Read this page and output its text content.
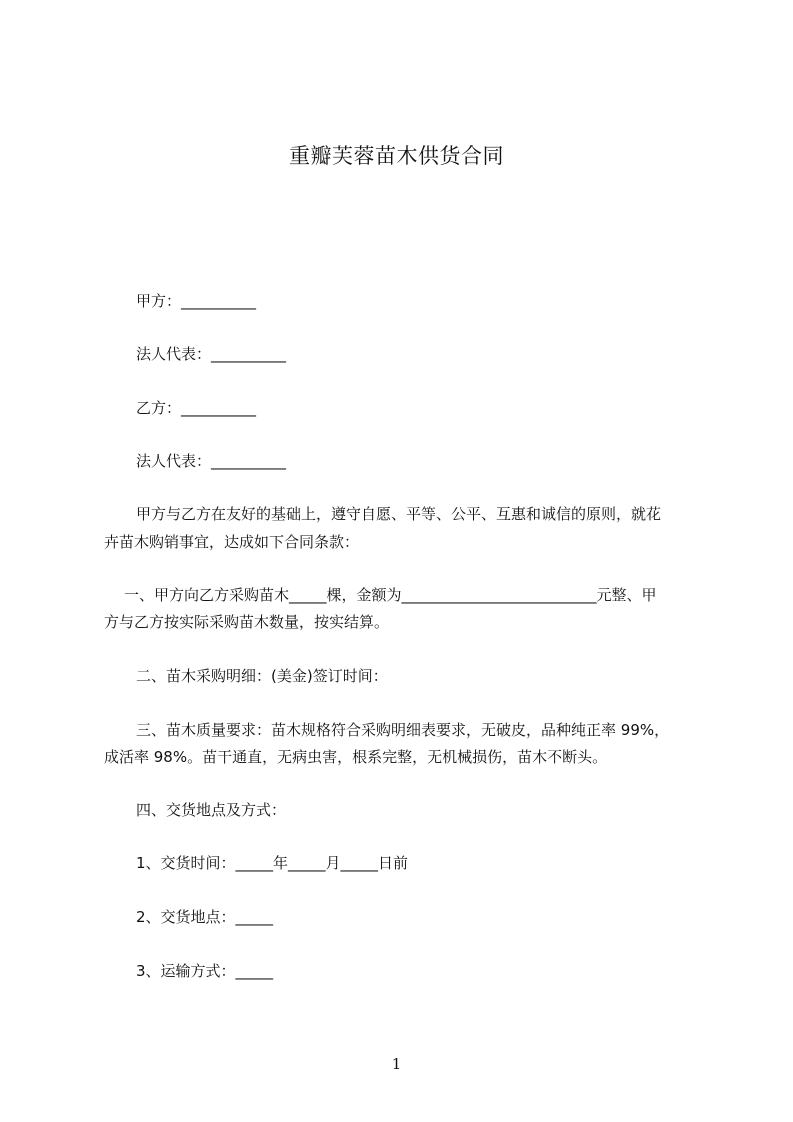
重瓣芙蓉苗木供货合同
甲方：__________
法人代表：__________
乙方：__________
法人代表：__________
甲方与乙方在友好的基础上，遵守自愿、平等、公平、互惠和诚信的原则，就花
卉苗木购销事宜，达成如下合同条款：
一、甲方向乙方采购苗木_____棵，金额为__________________________元整、甲
方与乙方按实际采购苗木数量，按实结算。
二、苗木采购明细：(美金)签订时间：
三、苗木质量要求：苗木规格符合采购明细表要求，无破皮，品种纯正率 99%，
成活率 98%。苗干通直，无病虫害，根系完整，无机械损伤，苗木不断头。
四、交货地点及方式：
1、交货时间：_____年_____月_____日前
2、交货地点：_____
3、运输方式：_____
1
